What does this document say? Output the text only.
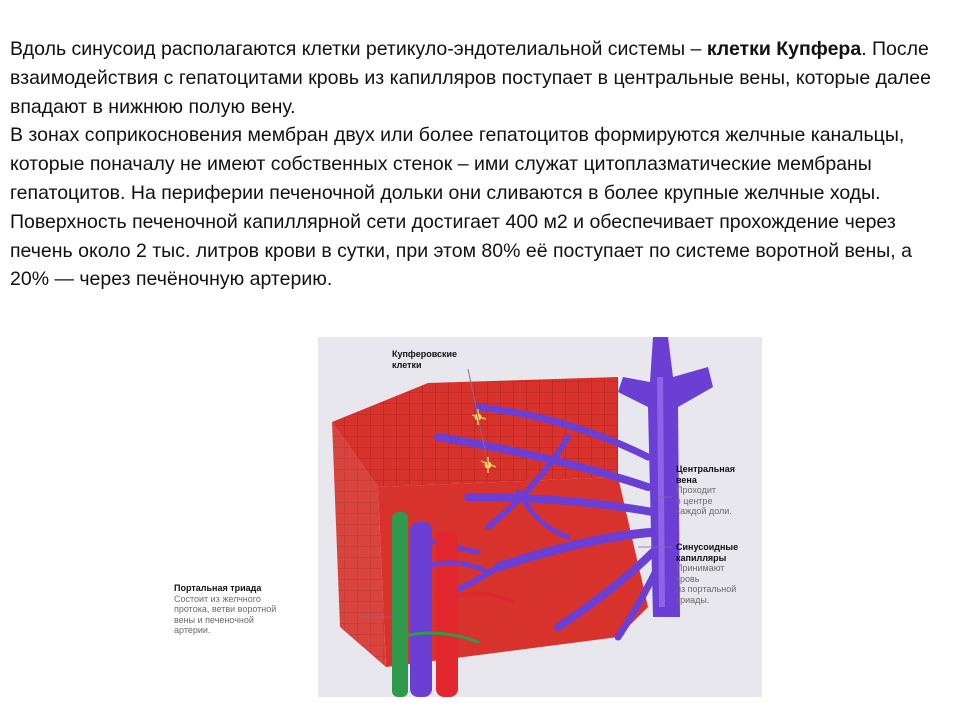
Вдоль синусоид располагаются клетки ретикуло-эндотелиальной системы – клетки Купфера. После взаимодействия с гепатоцитами кровь из капилляров поступает в центральные вены, которые далее впадают в нижнюю полую вену.

В зонах соприкосновения мембран двух или более гепатоцитов формируются желчные канальцы, которые поначалу не имеют собственных стенок – ими служат цитоплазматические мембраны гепатоцитов. На периферии печеночной дольки они сливаются в более крупные желчные ходы.

Поверхность печеночной капиллярной сети достигает 400 м2 и обеспечивает прохождение через печень около 2 тыс. литров крови в сутки, при этом 80% её поступает по системе воротной вены, а 20% — через печёночную артерию.

Купферовские
клетки
Центральная
вена
Проходит
в центре
каждой доли.
Синусоидные
капилляры
Принимают
кровь
из портальной
триады.
Портальная триада
Состоит из желчного
протока, ветви воротной
вены и печеночной
артерии.
